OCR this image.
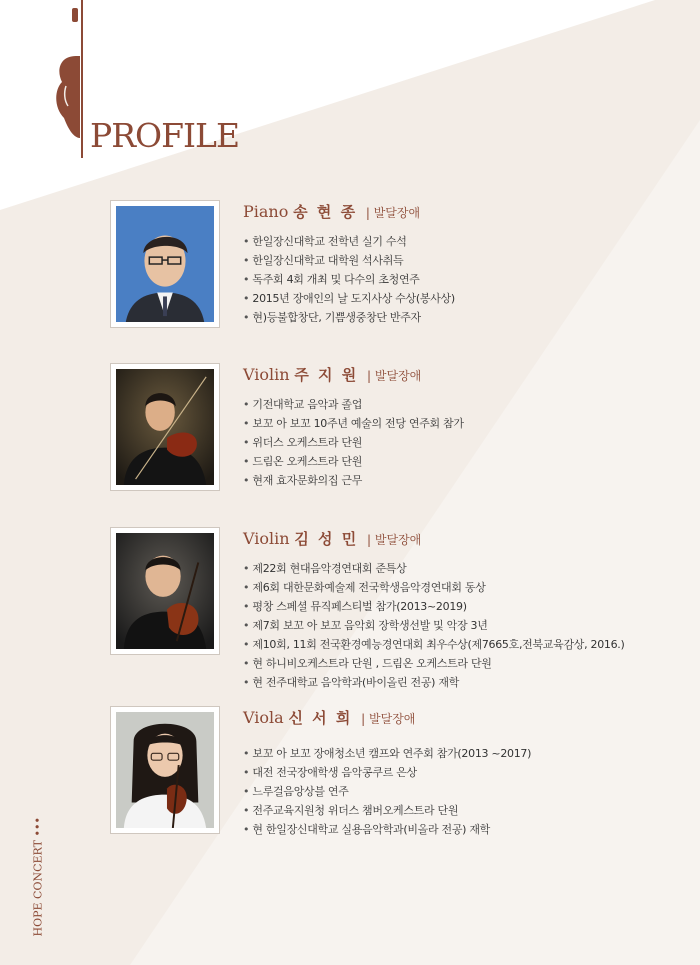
PROFILE
Piano 송 현 종 | 발달장애
• 한일장신대학교 전학년 실기 수석
• 한일장신대학교 대학원 석사취득
• 독주회 4회 개최 및 다수의 초청연주
• 2015년 장애인의 날 도지사상 수상(봉사상)
• 현)등불합창단, 기쁨생중창단 반주자
Violin 주 지 원 | 발달장애
• 기전대학교 음악과 졸업
• 보꼬 아 보꼬 10주년 예술의 전당 연주회 참가
• 위더스 오케스트라 단원
• 드림온 오케스트라 단원
• 현재 효자문화의집 근무
Violin 김 성 민 | 발달장애
• 제22회 현대음악경연대회 준특상
• 제6회 대한문화예술제 전국학생음악경연대회 동상
• 평창 스페셜 뮤직페스티벌 참가(2013~2019)
• 제7회 보꼬 아 보꼬 음악회 장학생선발 및 악장 3년
• 제10회, 11회 전국환경예능경연대회 최우수상(제7665호,전북교육감상, 2016.)
• 현 하니비오케스트라 단원 , 드림온 오케스트라 단원
• 현 전주대학교 음악학과(바이올린 전공) 재학
Viola 신 서 희 | 발달장애
• 보꼬 아 보꼬 장애청소년 캠프와 연주회 참가(2013 ~2017)
• 대전 전국장애학생 음악콩쿠르 은상
• 느루걸음앙상블 연주
• 전주교육지원청 위더스 챔버오케스트라 단원
• 현 한일장신대학교 실용음악학과(비올라 전공) 재학
HOPE CONCERT •••
